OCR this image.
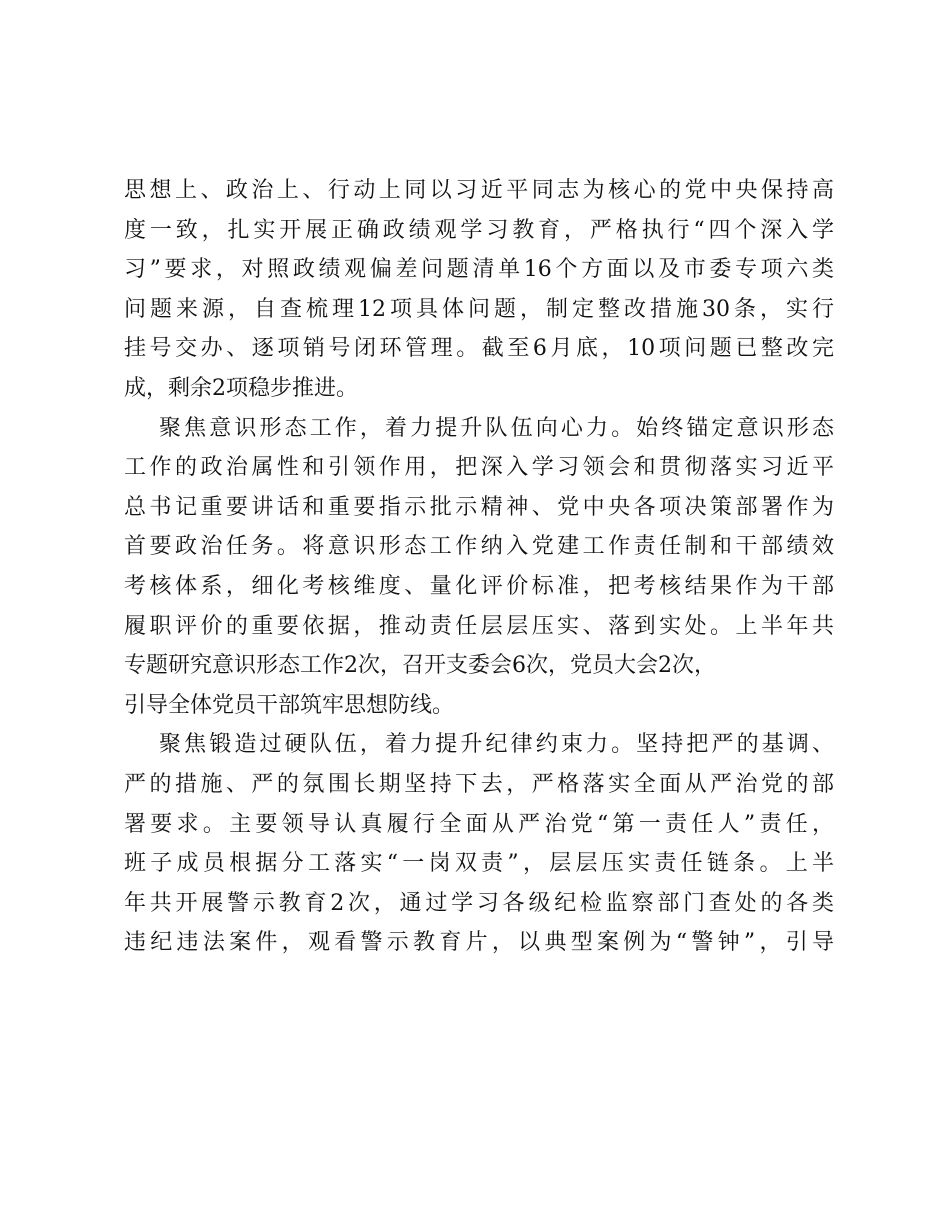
思想上、政治上、行动上同以习近平同志为核心的党中央保持高
度一致，扎实开展正确政绩观学习教育，严格执行“四个深入学
习”要求，对照政绩观偏差问题清单16个方面以及市委专项六类
问题来源，自查梳理12项具体问题，制定整改措施30条，实行
挂号交办、逐项销号闭环管理。截至6月底，10项问题已整改完
成，剩余2项稳步推进。
聚焦意识形态工作，着力提升队伍向心力。始终锚定意识形态
工作的政治属性和引领作用，把深入学习领会和贯彻落实习近平
总书记重要讲话和重要指示批示精神、党中央各项决策部署作为
首要政治任务。将意识形态工作纳入党建工作责任制和干部绩效
考核体系，细化考核维度、量化评价标准，把考核结果作为干部
履职评价的重要依据，推动责任层层压实、落到实处。上半年共
专题研究意识形态工作2次，召开支委会6次，党员大会2次，
引导全体党员干部筑牢思想防线。
聚焦锻造过硬队伍，着力提升纪律约束力。坚持把严的基调、
严的措施、严的氛围长期坚持下去，严格落实全面从严治党的部
署要求。主要领导认真履行全面从严治党“第一责任人”责任，
班子成员根据分工落实“一岗双责”，层层压实责任链条。上半
年共开展警示教育2次，通过学习各级纪检监察部门查处的各类
违纪违法案件，观看警示教育片，以典型案例为“警钟”，引导
